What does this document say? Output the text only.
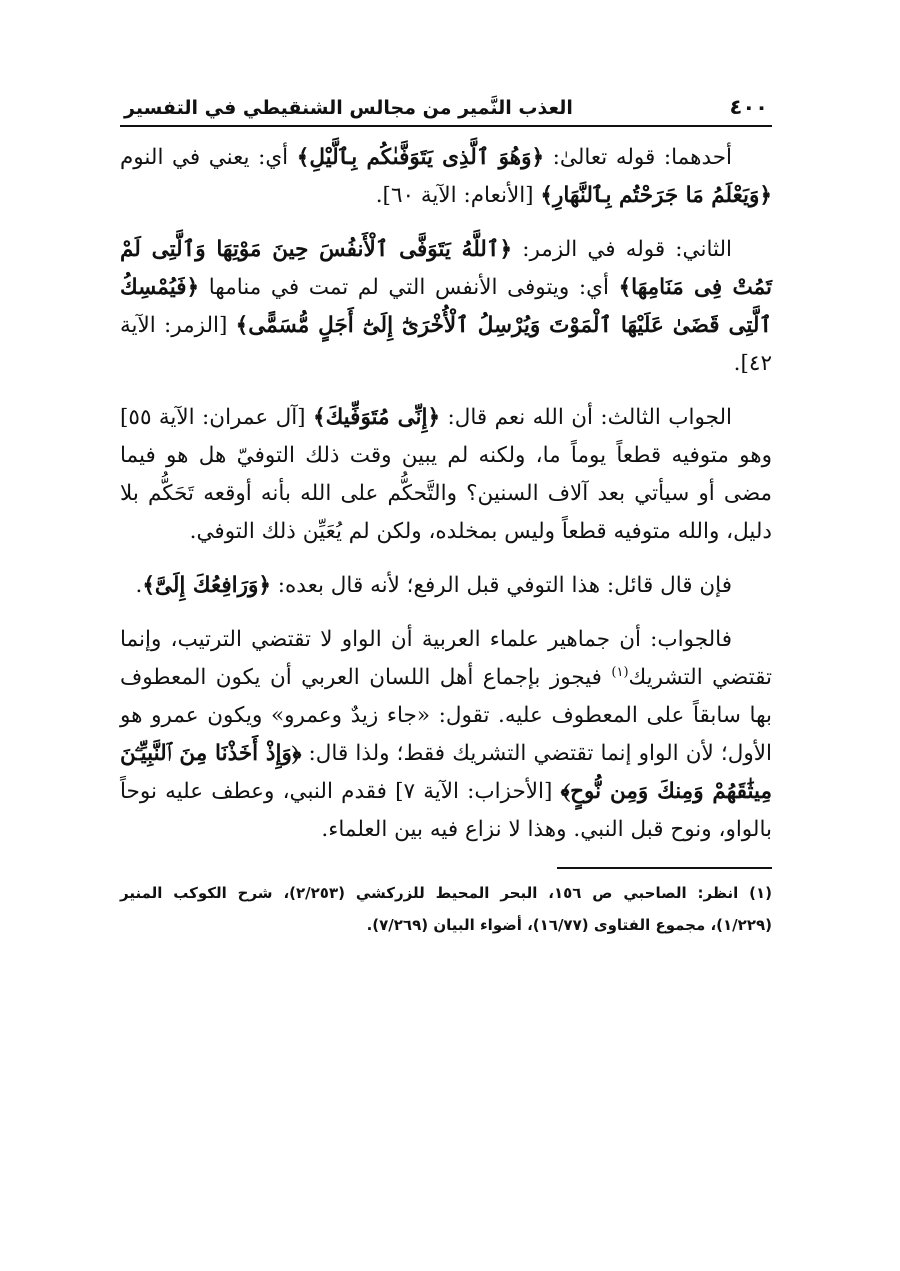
٤٠٠
العذب النَّمير من مجالس الشنقيطي في التفسير

أحدهما: قوله تعالىٰ: ﴿وَهُوَ ٱلَّذِى يَتَوَفَّىٰكُم بِٱلَّيْلِ﴾ أي: يعني في النوم ﴿وَيَعْلَمُ مَا جَرَحْتُم بِٱلنَّهَارِ﴾ [الأنعام: الآية ٦٠].

الثاني: قوله في الزمر: ﴿ٱللَّهُ يَتَوَفَّى ٱلْأَنفُسَ حِينَ مَوْتِهَا وَٱلَّتِى لَمْ تَمُتْ فِى مَنَامِهَا﴾ أي: ويتوفى الأنفس التي لم تمت في منامها ﴿فَيُمْسِكُ ٱلَّتِى قَضَىٰ عَلَيْهَا ٱلْمَوْتَ وَيُرْسِلُ ٱلْأُخْرَىٰٓ إِلَىٰٓ أَجَلٍ مُّسَمًّى﴾ [الزمر: الآية ٤٢].

الجواب الثالث: أن الله نعم قال: ﴿إِنِّى مُتَوَفِّيكَ﴾ [آل عمران: الآية ٥٥] وهو متوفيه قطعاً يوماً ما، ولكنه لم يبين وقت ذلك التوفيّ هل هو فيما مضى أو سيأتي بعد آلاف السنين؟ والتَّحكُّم على الله بأنه أوقعه تَحَكُّم بلا دليل، والله متوفيه قطعاً وليس بمخلده، ولكن لم يُعَيِّن ذلك التوفي.

فإن قال قائل: هذا التوفي قبل الرفع؛ لأنه قال بعده: ﴿وَرَافِعُكَ إِلَىَّ﴾.

فالجواب: أن جماهير علماء العربية أن الواو لا تقتضي الترتيب، وإنما تقتضي التشريك$^{(١)}$ فيجوز بإجماع أهل اللسان العربي أن يكون المعطوف بها سابقاً على المعطوف عليه. تقول: «جاء زيدٌ وعمرو» ويكون عمرو هو الأول؛ لأن الواو إنما تقتضي التشريك فقط؛ ولذا قال: ﴿وَإِذْ أَخَذْنَا مِنَ ٱلنَّبِيِّـۧنَ مِيثَٰقَهُمْ وَمِنكَ وَمِن نُّوحٍ﴾ [الأحزاب: الآية ٧] فقدم النبي، وعطف عليه نوحاً بالواو، ونوح قبل النبي. وهذا لا نزاع فيه بين العلماء.

(١) انظر: الصاحبي ص ١٥٦، البحر المحيط للزركشي (٢/٢٥٣)، شرح الكوكب المنير (١/٢٢٩)، مجموع الفتاوى (١٦/٧٧)، أضواء البيان (٧/٢٦٩).
